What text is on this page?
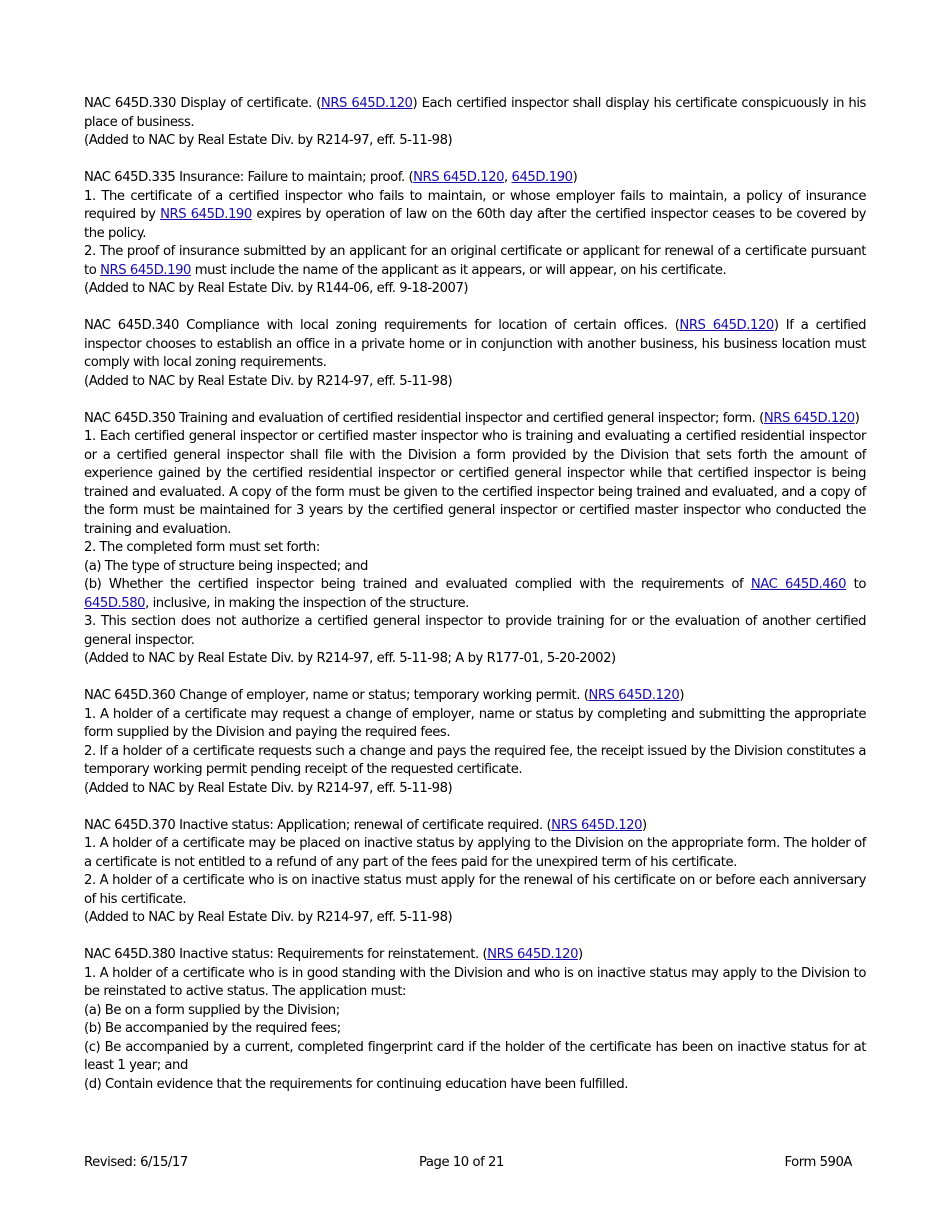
NAC 645D.330 Display of certificate. (NRS 645D.120) Each certified inspector shall display his certificate conspicuously in his place of business.
(Added to NAC by Real Estate Div. by R214-97, eff. 5-11-98)
NAC 645D.335 Insurance: Failure to maintain; proof. (NRS 645D.120, 645D.190)
1. The certificate of a certified inspector who fails to maintain, or whose employer fails to maintain, a policy of insurance required by NRS 645D.190 expires by operation of law on the 60th day after the certified inspector ceases to be covered by the policy.
2. The proof of insurance submitted by an applicant for an original certificate or applicant for renewal of a certificate pursuant to NRS 645D.190 must include the name of the applicant as it appears, or will appear, on his certificate.
(Added to NAC by Real Estate Div. by R144-06, eff. 9-18-2007)
NAC 645D.340 Compliance with local zoning requirements for location of certain offices. (NRS 645D.120) If a certified inspector chooses to establish an office in a private home or in conjunction with another business, his business location must comply with local zoning requirements.
(Added to NAC by Real Estate Div. by R214-97, eff. 5-11-98)
NAC 645D.350 Training and evaluation of certified residential inspector and certified general inspector; form. (NRS 645D.120)
1. Each certified general inspector or certified master inspector who is training and evaluating a certified residential inspector or a certified general inspector shall file with the Division a form provided by the Division that sets forth the amount of experience gained by the certified residential inspector or certified general inspector while that certified inspector is being trained and evaluated. A copy of the form must be given to the certified inspector being trained and evaluated, and a copy of the form must be maintained for 3 years by the certified general inspector or certified master inspector who conducted the training and evaluation.
2. The completed form must set forth:
(a) The type of structure being inspected; and
(b) Whether the certified inspector being trained and evaluated complied with the requirements of NAC 645D.460 to 645D.580, inclusive, in making the inspection of the structure.
3. This section does not authorize a certified general inspector to provide training for or the evaluation of another certified general inspector.
(Added to NAC by Real Estate Div. by R214-97, eff. 5-11-98; A by R177-01, 5-20-2002)
NAC 645D.360 Change of employer, name or status; temporary working permit. (NRS 645D.120)
1. A holder of a certificate may request a change of employer, name or status by completing and submitting the appropriate form supplied by the Division and paying the required fees.
2. If a holder of a certificate requests such a change and pays the required fee, the receipt issued by the Division constitutes a temporary working permit pending receipt of the requested certificate.
(Added to NAC by Real Estate Div. by R214-97, eff. 5-11-98)
NAC 645D.370 Inactive status: Application; renewal of certificate required. (NRS 645D.120)
1. A holder of a certificate may be placed on inactive status by applying to the Division on the appropriate form. The holder of a certificate is not entitled to a refund of any part of the fees paid for the unexpired term of his certificate.
2. A holder of a certificate who is on inactive status must apply for the renewal of his certificate on or before each anniversary of his certificate.
(Added to NAC by Real Estate Div. by R214-97, eff. 5-11-98)
NAC 645D.380 Inactive status: Requirements for reinstatement. (NRS 645D.120)
1. A holder of a certificate who is in good standing with the Division and who is on inactive status may apply to the Division to be reinstated to active status. The application must:
(a) Be on a form supplied by the Division;
(b) Be accompanied by the required fees;
(c) Be accompanied by a current, completed fingerprint card if the holder of the certificate has been on inactive status for at least 1 year; and
(d) Contain evidence that the requirements for continuing education have been fulfilled.
Revised: 6/15/17	Page 10 of 21	Form 590A
